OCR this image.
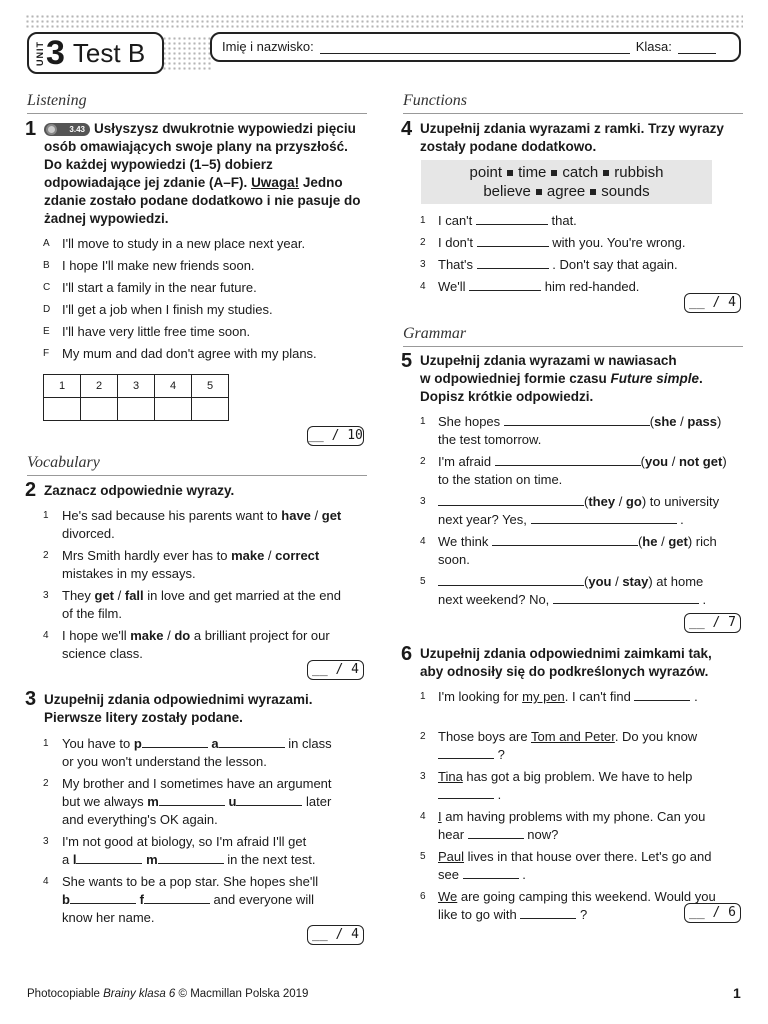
UNIT 3 Test B	Imię i nazwisko:	Klasa:
Listening
1	3.43 Usłyszysz dwukrotnie wypowiedzi pięciu osób omawiających swoje plany na przyszłość. Do każdej wypowiedzi (1–5) dobierz odpowiadające jej zdanie (A–F). Uwaga! Jedno zdanie zostało podane dodatkowo i nie pasuje do żadnej wypowiedzi.
A I'll move to study in a new place next year.
B I hope I'll make new friends soon.
C I'll start a family in the near future.
D I'll get a job when I finish my studies.
E I'll have very little free time soon.
F My mum and dad don't agree with my plans.
1	2	3	4	5

__ / 10
Vocabulary
2 Zaznacz odpowiednie wyrazy.
1 He's sad because his parents want to have / get
divorced.
2 Mrs Smith hardly ever has to make / correct
mistakes in my essays.
3 They get / fall in love and get married at the end
of the film.
4 I hope we'll make / do a brilliant project for our
science class.
__ / 4
3 Uzupełnij zdania odpowiednimi wyrazami.
Pierwsze litery zostały podane.
1 You have to p	a	in class
or you won't understand the lesson.
2 My brother and I sometimes have an argument
but we always m	u	later
and everything's OK again.
3 I'm not good at biology, so I'm afraid I'll get
a l	m	in the next test.
4 She wants to be a pop star. She hopes she'll
b	f	and everyone will
know her name.
__ / 4
Functions
4 Uzupełnij zdania wyrazami z ramki. Trzy wyrazy
zostały podane dodatkowo.
point time catch rubbish
believe agree sounds
1 I can't	that.
2 I don't	with you. You're wrong.
3 That's	. Don't say that again.
4 We'll	him red-handed.
__ / 4
Grammar
5 Uzupełnij zdania wyrazami w nawiasach
w odpowiedniej formie czasu Future simple.
Dopisz krótkie odpowiedzi.
1 She hopes	(she / pass)
the test tomorrow.
2 I'm afraid	(you / not get)
to the station on time.
3	(they / go) to university
next year? Yes,	.
4 We think	(he / get) rich
soon.
5	(you / stay) at home
next weekend? No,	.
__ / 7
6 Uzupełnij zdania odpowiednimi zaimkami tak,
aby odnosiły się do podkreślonych wyrazów.
1 I'm looking for my pen. I can't find	.
2 Those boys are Tom and Peter. Do you know
?
3 Tina has got a big problem. We have to help
.
4 I am having problems with my phone. Can you
hear	now?
5 Paul lives in that house over there. Let's go and
see	.
6 We are going camping this weekend. Would you
like to go with	?	__ / 6
Photocopiable Brainy klasa 6 © Macmillan Polska 2019	1
